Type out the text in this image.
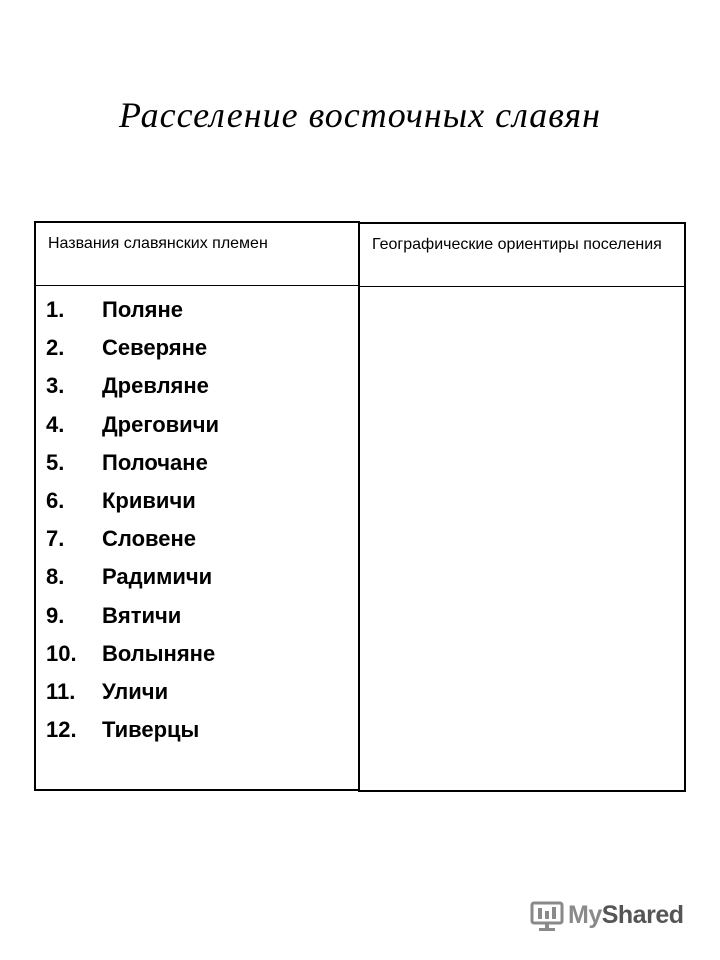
Расселение восточных славян
Названия славянских племен
1. Поляне
2. Северяне
3. Древляне
4. Дреговичи
5. Полочане
6. Кривичи
7. Словене
8. Радимичи
9. Вятичи
10. Волыняне
11. Уличи
12. Тиверцы
Географические ориентиры поселения
MyShared
